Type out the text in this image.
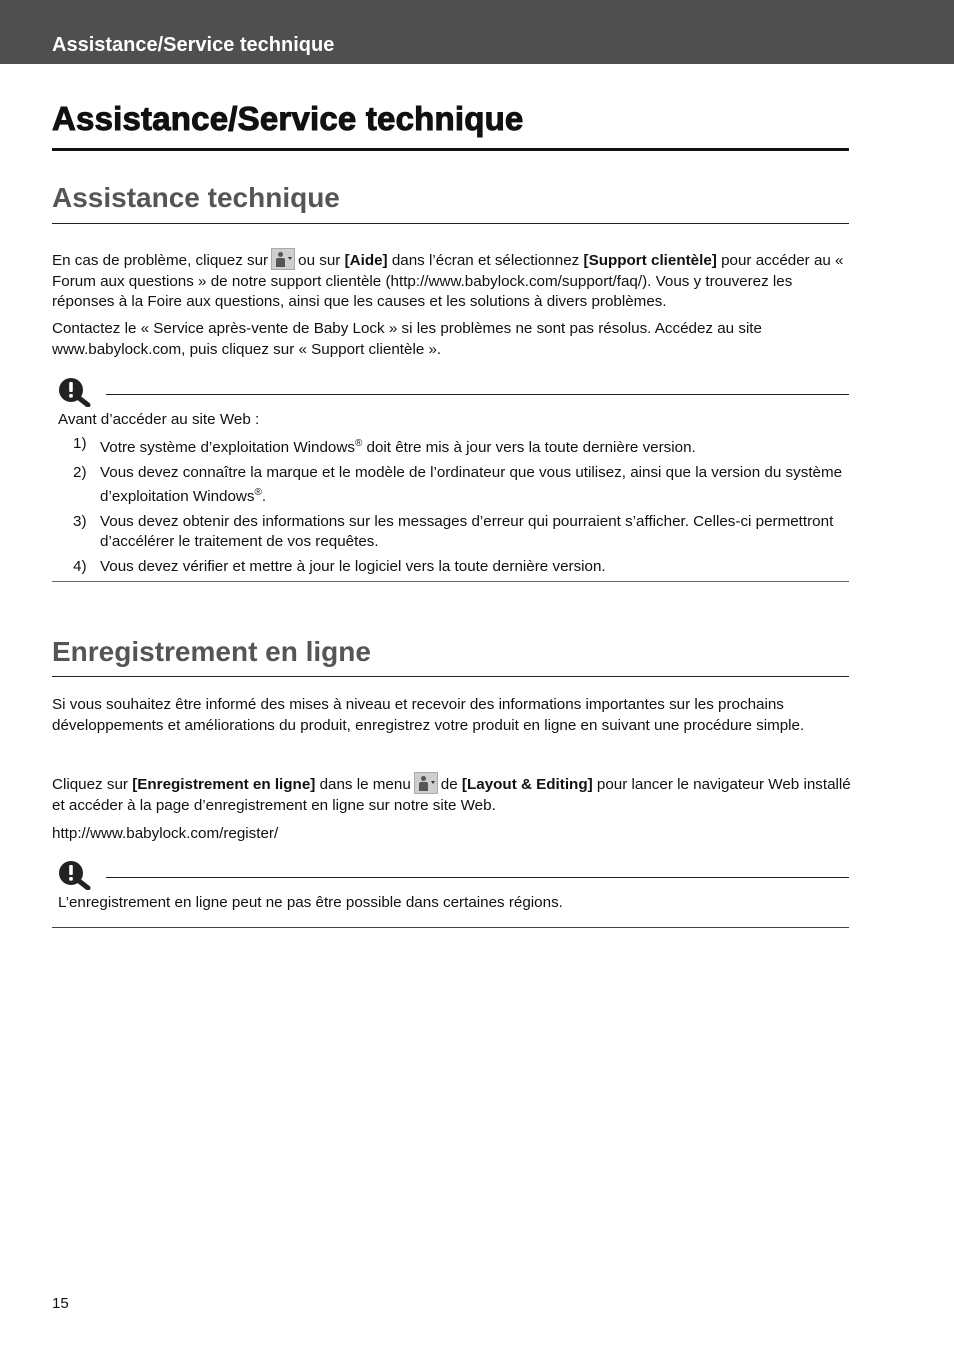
Assistance/Service technique
Assistance/Service technique
Assistance technique
En cas de problème, cliquez sur ou sur [Aide] dans l’écran et sélectionnez [Support clientèle] pour accéder au « Forum aux questions » de notre support clientèle (http://www.babylock.com/support/faq/). Vous y trouverez les réponses à la Foire aux questions, ainsi que les causes et les solutions à divers problèmes.
Contactez le « Service après-vente de Baby Lock » si les problèmes ne sont pas résolus. Accédez au site www.babylock.com, puis cliquez sur « Support clientèle ».
Avant d’accéder au site Web :
1) Votre système d’exploitation Windows® doit être mis à jour vers la toute dernière version.
2) Vous devez connaître la marque et le modèle de l’ordinateur que vous utilisez, ainsi que la version du système d’exploitation Windows®.
3) Vous devez obtenir des informations sur les messages d’erreur qui pourraient s’afficher. Celles-ci permettront d’accélérer le traitement de vos requêtes.
4) Vous devez vérifier et mettre à jour le logiciel vers la toute dernière version.
Enregistrement en ligne
Si vous souhaitez être informé des mises à niveau et recevoir des informations importantes sur les prochains développements et améliorations du produit, enregistrez votre produit en ligne en suivant une procédure simple.
Cliquez sur [Enregistrement en ligne] dans le menu de [Layout & Editing] pour lancer le navigateur Web installé et accéder à la page d’enregistrement en ligne sur notre site Web.
http://www.babylock.com/register/
L’enregistrement en ligne peut ne pas être possible dans certaines régions.
15
